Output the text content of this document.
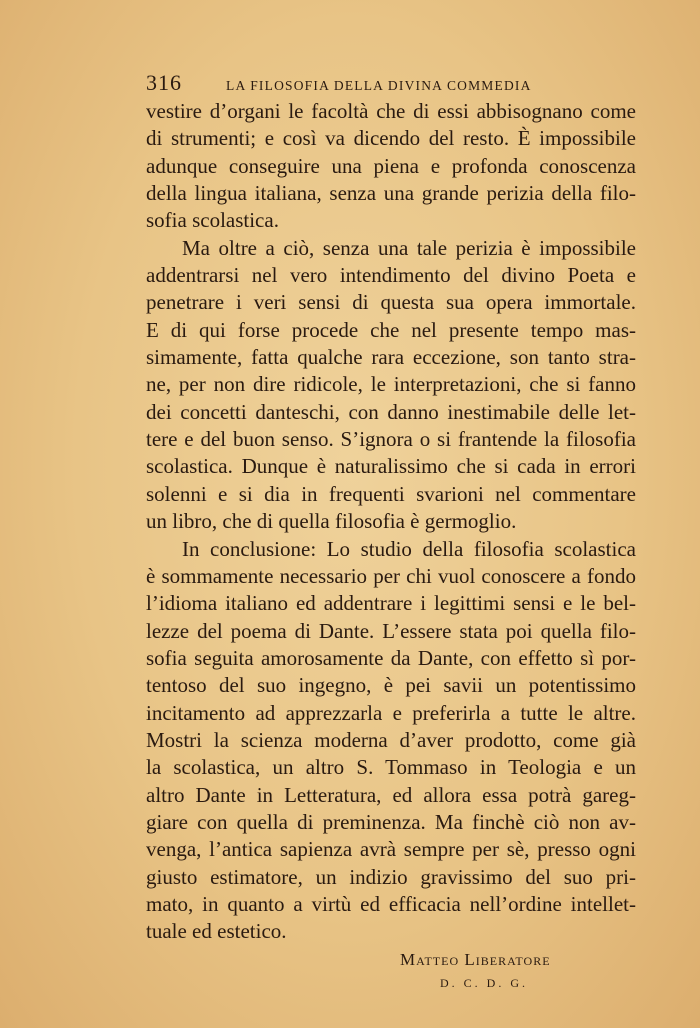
316	LA FILOSOFIA DELLA DIVINA COMMEDIA
vestire d’organi le facoltà che di essi abbisognano come
di strumenti; e così va dicendo del resto. È impossibile
adunque conseguire una piena e profonda conoscenza
della lingua italiana, senza una grande perizia della filo-
sofia scolastica.
Ma oltre a ciò, senza una tale perizia è impossibile
addentrarsi nel vero intendimento del divino Poeta e
penetrare i veri sensi di questa sua opera immortale.
E di qui forse procede che nel presente tempo mas-
simamente, fatta qualche rara eccezione, son tanto stra-
ne, per non dire ridicole, le interpretazioni, che si fanno
dei concetti danteschi, con danno inestimabile delle let-
tere e del buon senso. S’ignora o si frantende la filosofia
scolastica. Dunque è naturalissimo che si cada in errori
solenni e si dia in frequenti svarioni nel commentare
un libro, che di quella filosofia è germoglio.
In conclusione: Lo studio della filosofia scolastica
è sommamente necessario per chi vuol conoscere a fondo
l’idioma italiano ed addentrare i legittimi sensi e le bel-
lezze del poema di Dante. L’essere stata poi quella filo-
sofia seguita amorosamente da Dante, con effetto sì por-
tentoso del suo ingegno, è pei savii un potentissimo
incitamento ad apprezzarla e preferirla a tutte le altre.
Mostri la scienza moderna d’aver prodotto, come già
la scolastica, un altro S. Tommaso in Teologia e un
altro Dante in Letteratura, ed allora essa potrà gareg-
giare con quella di preminenza. Ma finchè ciò non av-
venga, l’antica sapienza avrà sempre per sè, presso ogni
giusto estimatore, un indizio gravissimo del suo pri-
mato, in quanto a virtù ed efficacia nell’ordine intellet-
tuale ed estetico.
Matteo Liberatore
D. C. D. G.
